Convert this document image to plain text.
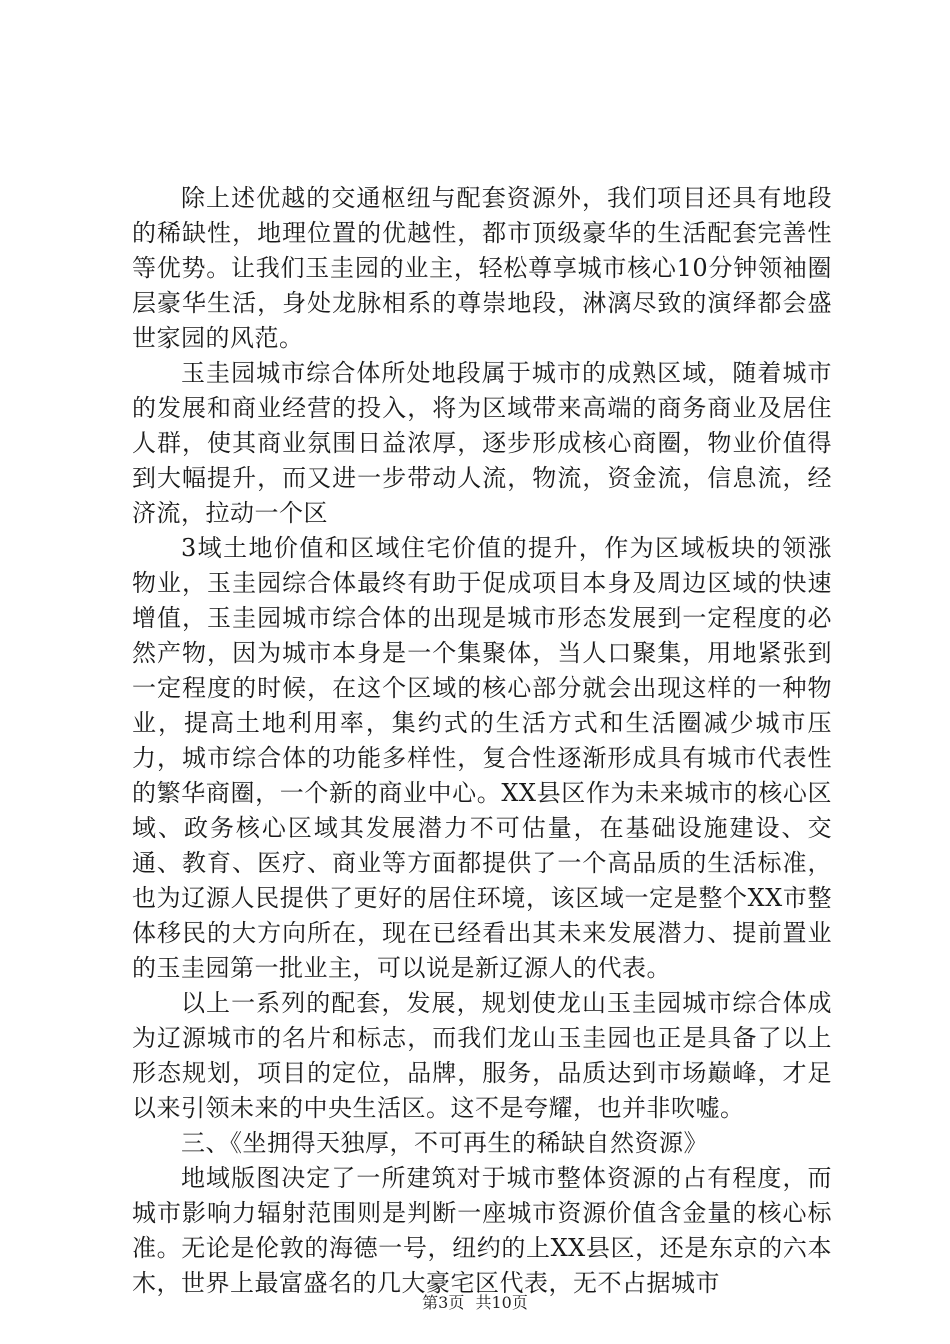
除上述优越的交通枢纽与配套资源外，我们项目还具有地段的稀缺性，地理位置的优越性，都市顶级豪华的生活配套完善性等优势。让我们玉圭园的业主，轻松尊享城市核心10分钟领袖圈层豪华生活，身处龙脉相系的尊崇地段，淋漓尽致的演绎都会盛世家园的风范。

玉圭园城市综合体所处地段属于城市的成熟区域，随着城市的发展和商业经营的投入，将为区域带来高端的商务商业及居住人群，使其商业氛围日益浓厚，逐步形成核心商圈，物业价值得到大幅提升，而又进一步带动人流，物流，资金流，信息流，经济流，拉动一个区

3域土地价值和区域住宅价值的提升，作为区域板块的领涨物业，玉圭园综合体最终有助于促成项目本身及周边区域的快速增值，玉圭园城市综合体的出现是城市形态发展到一定程度的必然产物，因为城市本身是一个集聚体，当人口聚集，用地紧张到一定程度的时候，在这个区域的核心部分就会出现这样的一种物业，提高土地利用率，集约式的生活方式和生活圈减少城市压力，城市综合体的功能多样性，复合性逐渐形成具有城市代表性的繁华商圈，一个新的商业中心。XX县区作为未来城市的核心区域、政务核心区域其发展潜力不可估量，在基础设施建设、交通、教育、医疗、商业等方面都提供了一个高品质的生活标准，也为辽源人民提供了更好的居住环境，该区域一定是整个XX市整体移民的大方向所在，现在已经看出其未来发展潜力、提前置业的玉圭园第一批业主，可以说是新辽源人的代表。

以上一系列的配套，发展，规划使龙山玉圭园城市综合体成为辽源城市的名片和标志，而我们龙山玉圭园也正是具备了以上形态规划，项目的定位，品牌，服务，品质达到市场巅峰，才足以来引领未来的中央生活区。这不是夸耀，也并非吹嘘。

三、《坐拥得天独厚，不可再生的稀缺自然资源》

地域版图决定了一所建筑对于城市整体资源的占有程度，而城市影响力辐射范围则是判断一座城市资源价值含金量的核心标准。无论是伦敦的海德一号，纽约的上XX县区，还是东京的六本木，世界上最富盛名的几大豪宅区代表，无不占据城市

第3页 共10页
